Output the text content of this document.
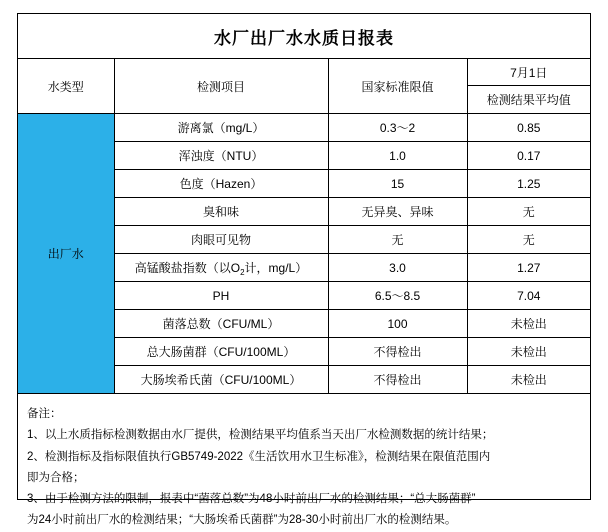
水厂出厂水水质日报表
水类型	检测项目	国家标准限值	7月1日
			检测结果平均值
出厂水	游离氯（mg/L）	0.3～2	0.85
	浑浊度（NTU）	1.0	0.17
	色度（Hazen）	15	1.25
	臭和味	无异臭、异味	无
	肉眼可见物	无	无
	高锰酸盐指数（以$O_2$计，mg/L）	3.0	1.27
	PH	6.5～8.5	7.04
	菌落总数（CFU/ML）	100	未检出
	总大肠菌群（CFU/100ML）	不得检出	未检出
	大肠埃希氏菌（CFU/100ML）	不得检出	未检出
备注：
1、以上水质指标检测数据由水厂提供，检测结果平均值系当天出厂水检测数据的统计结果；
2、检测指标及指标限值执行GB5749-2022《生活饮用水卫生标准》，检测结果在限值范围内
即为合格；
3、由于检测方法的限制，报表中“菌落总数”为48小时前出厂水的检测结果；“总大肠菌群”
为24小时前出厂水的检测结果；“大肠埃希氏菌群”为28-30小时前出厂水的检测结果。
